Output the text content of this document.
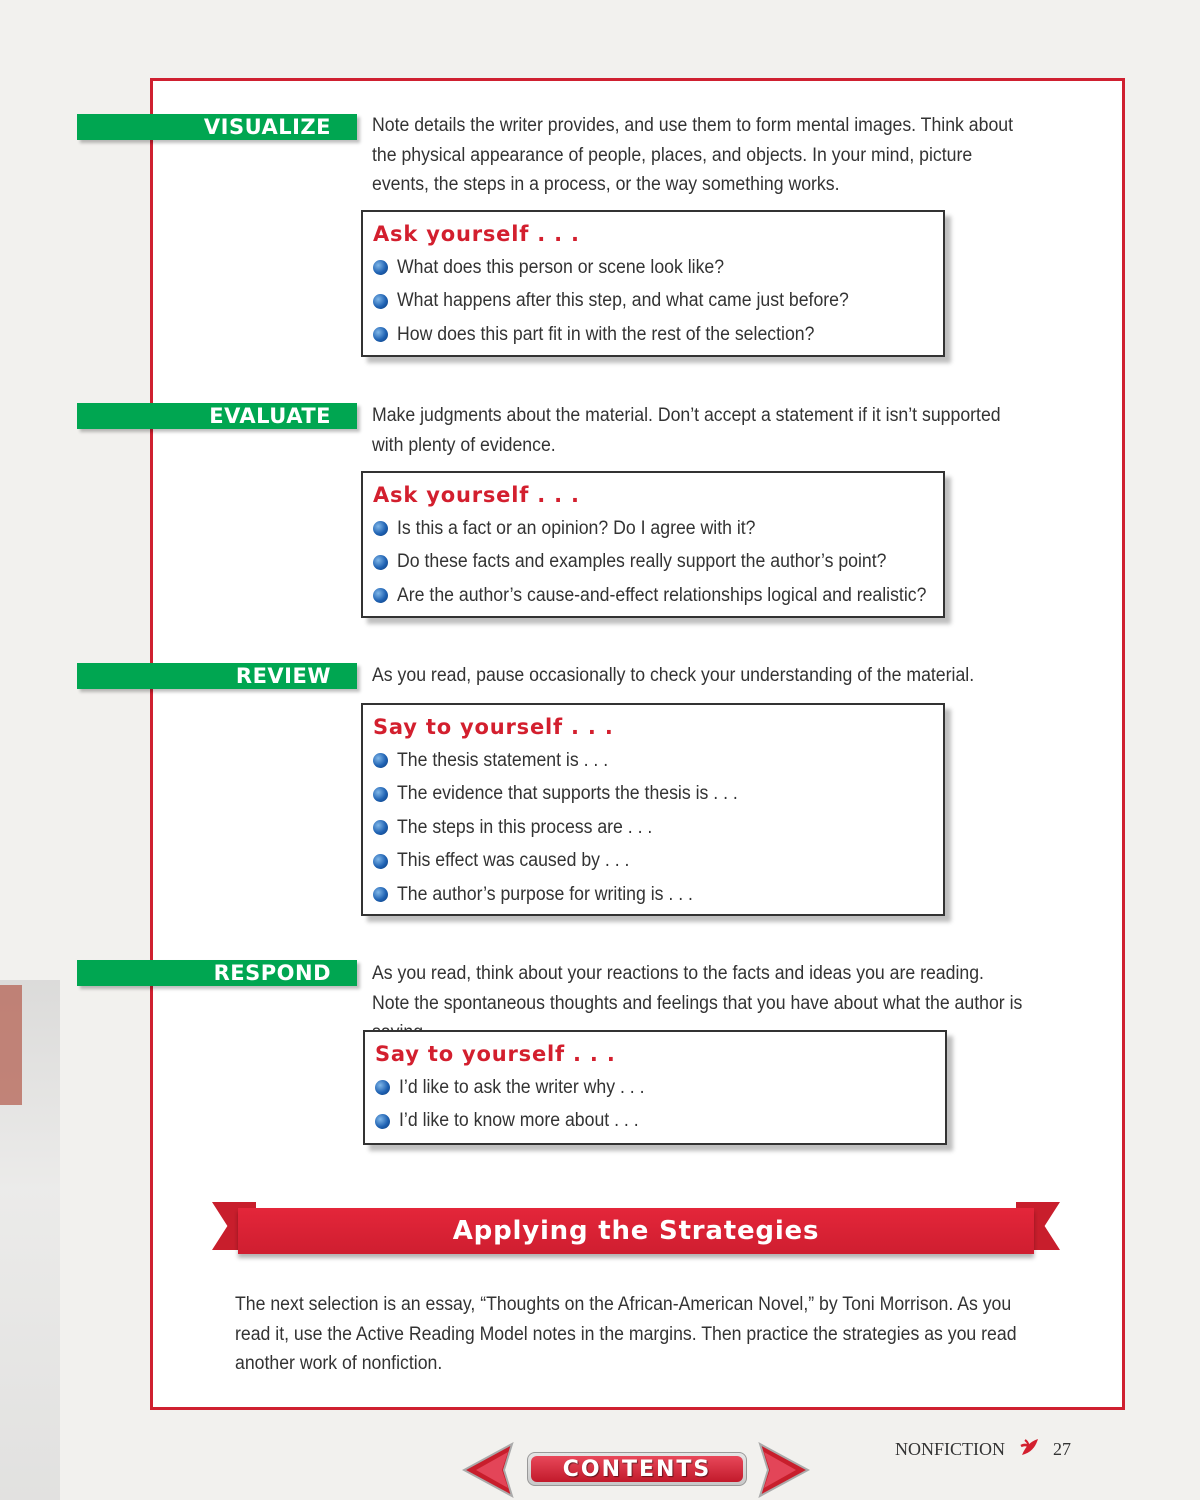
VISUALIZE	Note details the writer provides, and use them to form mental images. Think about the physical appearance of people, places, and objects. In your mind, picture events, the steps in a process, or the way something works.
Ask yourself . . .
What does this person or scene look like?
What happens after this step, and what came just before?
How does this part fit in with the rest of the selection?
EVALUATE	Make judgments about the material. Don’t accept a statement if it isn’t supported with plenty of evidence.
Ask yourself . . .
Is this a fact or an opinion? Do I agree with it?
Do these facts and examples really support the author’s point?
Are the author’s cause-and-effect relationships logical and realistic?
REVIEW	As you read, pause occasionally to check your understanding of the material.
Say to yourself . . .
The thesis statement is . . .
The evidence that supports the thesis is . . .
The steps in this process are . . .
This effect was caused by . . .
The author’s purpose for writing is . . .
RESPOND	As you read, think about your reactions to the facts and ideas you are reading. Note the spontaneous thoughts and feelings that you have about what the author is
Say to yourself . . .
I’d like to ask the writer why . . .
I’d like to know more about . . .
Applying the Strategies
The next selection is an essay, “Thoughts on the African-American Novel,” by Toni Morrison. As you read it, use the Active Reading Model notes in the margins. Then practice the strategies as you read another work of nonfiction.
NONFICTION	27
CONTENTS
